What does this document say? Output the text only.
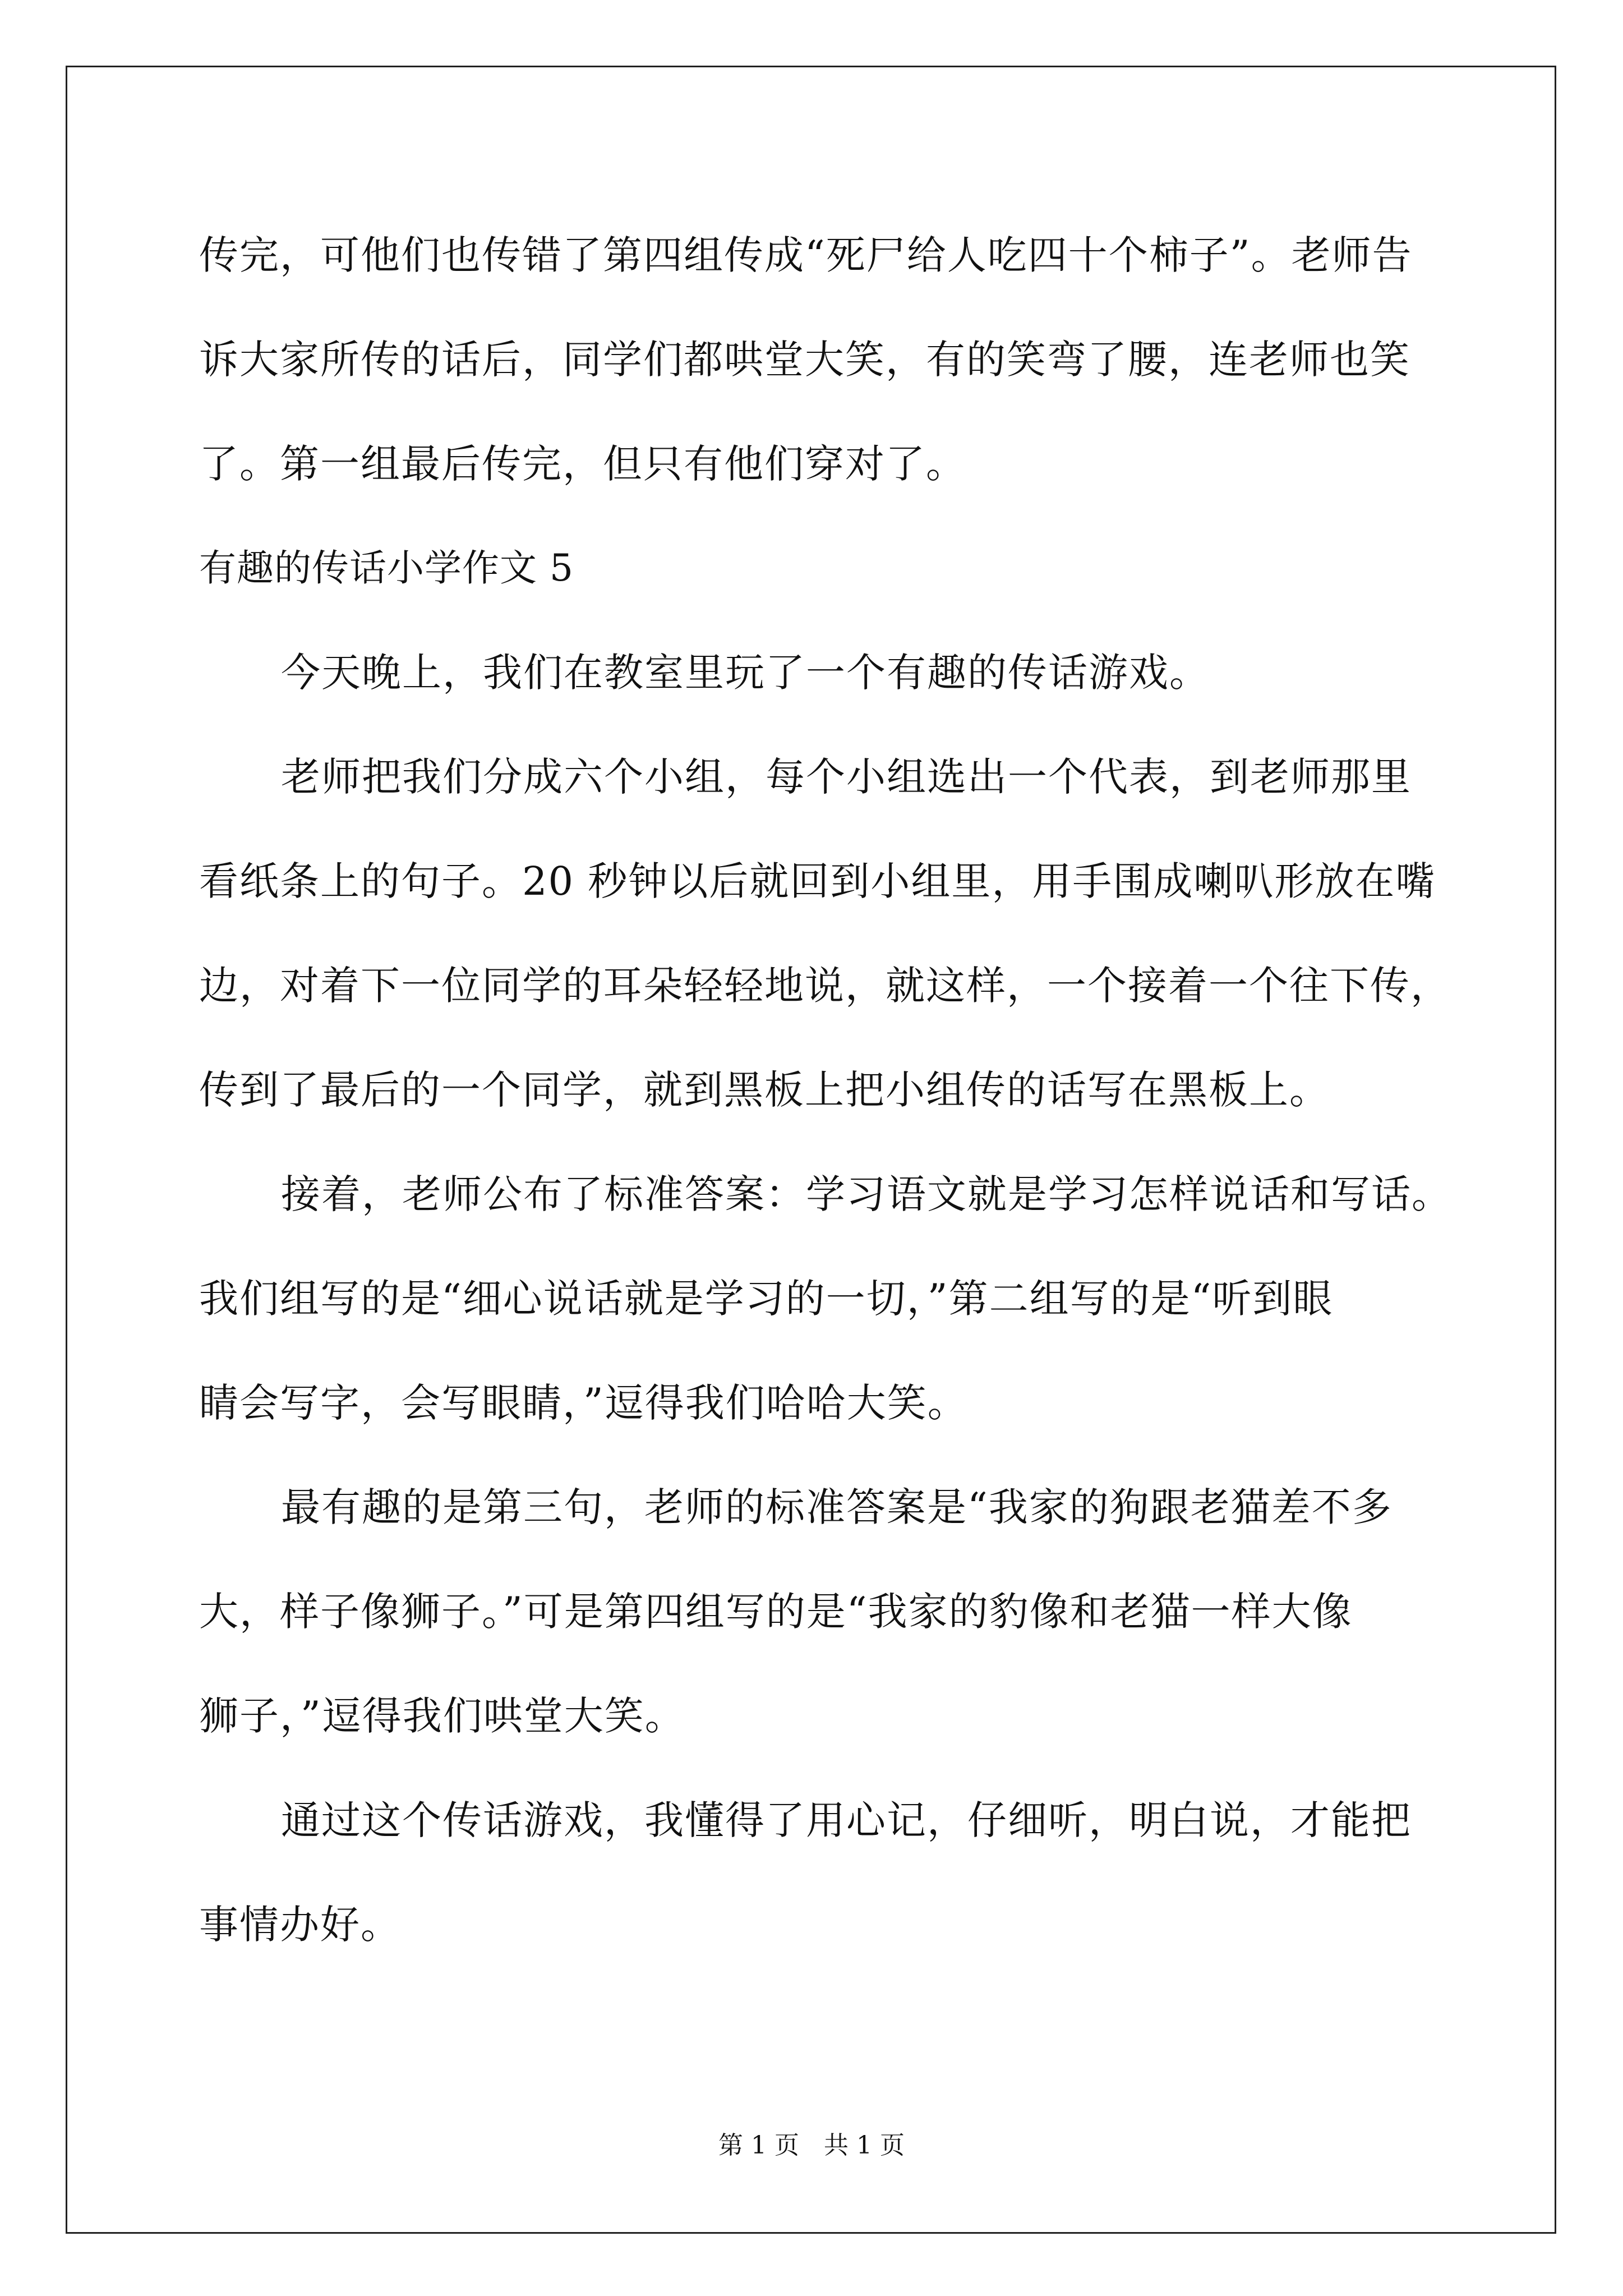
传完，可他们也传错了第四组传成“死尸给人吃四十个柿子”。老师告
诉大家所传的话后，同学们都哄堂大笑，有的笑弯了腰，连老师也笑
了。第一组最后传完，但只有他们穿对了。
有趣的传话小学作文 5
今天晚上，我们在教室里玩了一个有趣的传话游戏。
老师把我们分成六个小组，每个小组选出一个代表，到老师那里
看纸条上的句子。20 秒钟以后就回到小组里，用手围成喇叭形放在嘴
边，对着下一位同学的耳朵轻轻地说，就这样，一个接着一个往下传，
传到了最后的一个同学，就到黑板上把小组传的话写在黑板上。
接着，老师公布了标准答案：学习语文就是学习怎样说话和写话。
我们组写的是“细心说话就是学习的一切，”第二组写的是“听到眼
睛会写字，会写眼睛，”逗得我们哈哈大笑。
最有趣的是第三句，老师的标准答案是“我家的狗跟老猫差不多
大，样子像狮子。”可是第四组写的是“我家的豹像和老猫一样大像
狮子，”逗得我们哄堂大笑。
通过这个传话游戏，我懂得了用心记，仔细听，明白说，才能把
事情办好。
第 1 页　共 1 页
